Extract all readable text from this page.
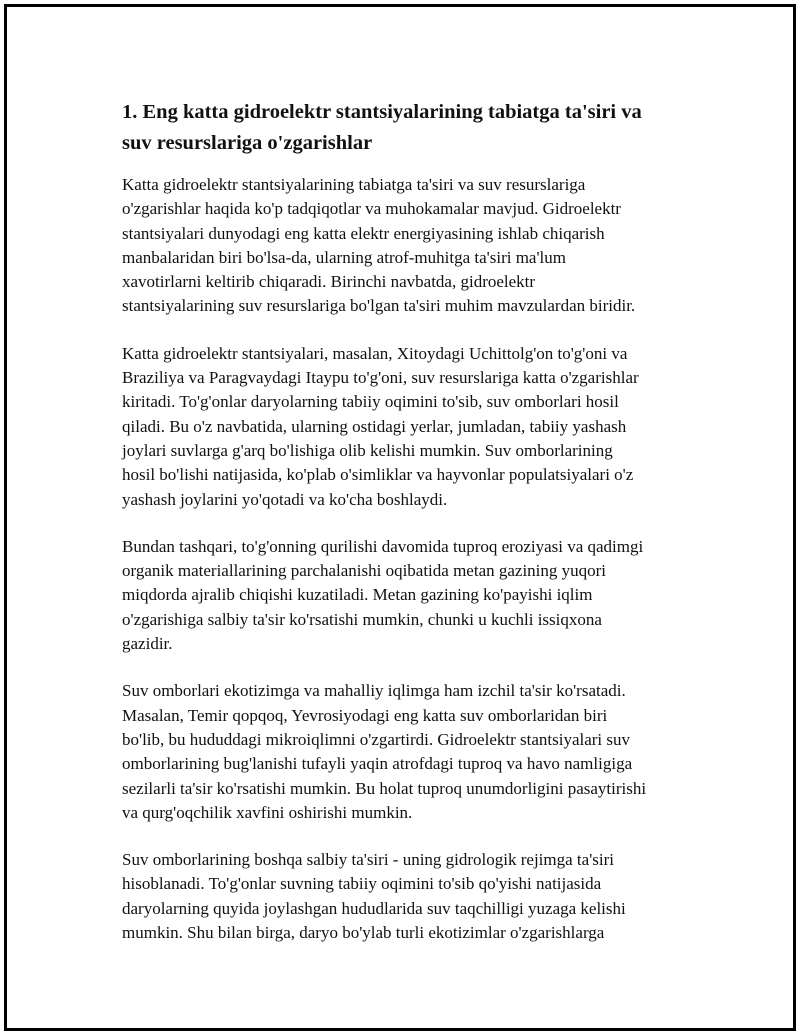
1. Eng katta gidroelektr stantsiyalarining tabiatga ta'siri va
suv resurslariga o'zgarishlar

Katta gidroelektr stantsiyalarining tabiatga ta'siri va suv resurslariga
o'zgarishlar haqida ko'p tadqiqotlar va muhokamalar mavjud. Gidroelektr
stantsiyalari dunyodagi eng katta elektr energiyasining ishlab chiqarish
manbalaridan biri bo'lsa-da, ularning atrof-muhitga ta'siri ma'lum
xavotirlarni keltirib chiqaradi. Birinchi navbatda, gidroelektr
stantsiyalarining suv resurslariga bo'lgan ta'siri muhim mavzulardan biridir.

Katta gidroelektr stantsiyalari, masalan, Xitoydagi Uchittolg'on to'g'oni va
Braziliya va Paragvaydagi Itaypu to'g'oni, suv resurslariga katta o'zgarishlar
kiritadi. To'g'onlar daryolarning tabiiy oqimini to'sib, suv omborlari hosil
qiladi. Bu o'z navbatida, ularning ostidagi yerlar, jumladan, tabiiy yashash
joylari suvlarga g'arq bo'lishiga olib kelishi mumkin. Suv omborlarining
hosil bo'lishi natijasida, ko'plab o'simliklar va hayvonlar populatsiyalari o'z
yashash joylarini yo'qotadi va ko'cha boshlaydi.

Bundan tashqari, to'g'onning qurilishi davomida tuproq eroziyasi va qadimgi
organik materiallarining parchalanishi oqibatida metan gazining yuqori
miqdorda ajralib chiqishi kuzatiladi. Metan gazining ko'payishi iqlim
o'zgarishiga salbiy ta'sir ko'rsatishi mumkin, chunki u kuchli issiqxona
gazidir.

Suv omborlari ekotizimga va mahalliy iqlimga ham izchil ta'sir ko'rsatadi.
Masalan, Temir qopqoq, Yevrosiyodagi eng katta suv omborlaridan biri
bo'lib, bu hududdagi mikroiqlimni o'zgartirdi. Gidroelektr stantsiyalari suv
omborlarining bug'lanishi tufayli yaqin atrofdagi tuproq va havo namligiga
sezilarli ta'sir ko'rsatishi mumkin. Bu holat tuproq unumdorligini pasaytirishi
va qurg'oqchilik xavfini oshirishi mumkin.

Suv omborlarining boshqa salbiy ta'siri - uning gidrologik rejimga ta'siri
hisoblanadi. To'g'onlar suvning tabiiy oqimini to'sib qo'yishi natijasida
daryolarning quyida joylashgan hududlarida suv taqchilligi yuzaga kelishi
mumkin. Shu bilan birga, daryo bo'ylab turli ekotizimlar o'zgarishlarga
